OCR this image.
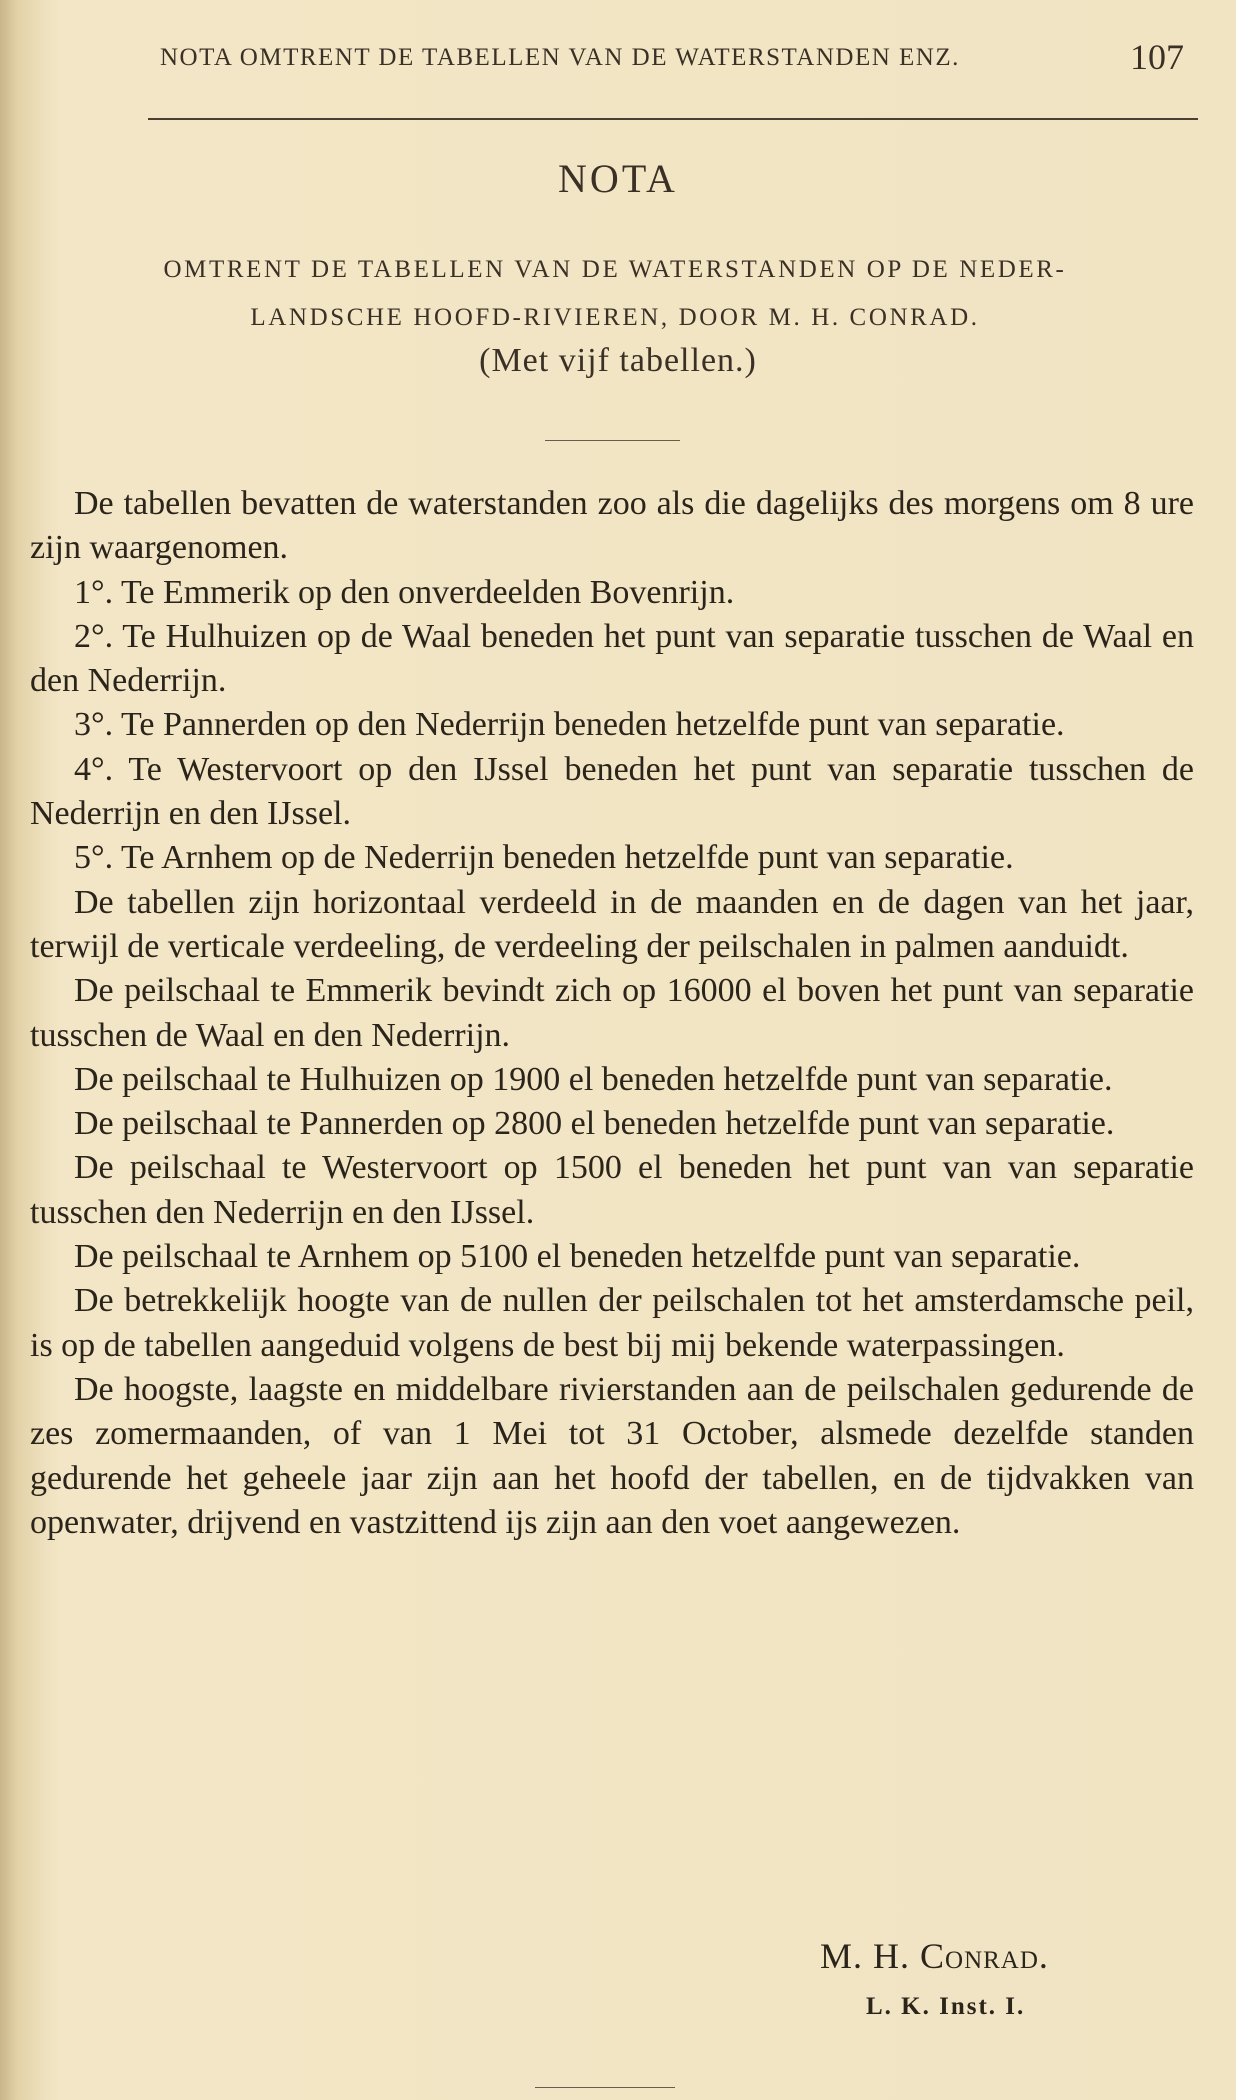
NOTA OMTRENT DE TABELLEN VAN DE WATERSTANDEN ENZ.	107
NOTA
OMTRENT DE TABELLEN VAN DE WATERSTANDEN OP DE NEDER-
LANDSCHE HOOFD-RIVIEREN, DOOR M. H. CONRAD.
(Met vijf tabellen.)

De tabellen bevatten de waterstanden zoo als die dagelijks des morgens om 8 ure zijn waargenomen.

1°. Te Emmerik op den onverdeelden Bovenrijn.

2°. Te Hulhuizen op de Waal beneden het punt van separatie tusschen de Waal en den Nederrijn.

3°. Te Pannerden op den Nederrijn beneden hetzelfde punt van separatie.

4°. Te Westervoort op den IJssel beneden het punt van separatie tusschen de Nederrijn en den IJssel.

5°. Te Arnhem op de Nederrijn beneden hetzelfde punt van separatie.

De tabellen zijn horizontaal verdeeld in de maanden en de dagen van het jaar, terwijl de verticale verdeeling, de verdeeling der peilschalen in palmen aanduidt.

De peilschaal te Emmerik bevindt zich op 16000 el boven het punt van separatie tusschen de Waal en den Nederrijn.

De peilschaal te Hulhuizen op 1900 el beneden hetzelfde punt van separatie.

De peilschaal te Pannerden op 2800 el beneden hetzelfde punt van separatie.

De peilschaal te Westervoort op 1500 el beneden het punt van van separatie tusschen den Nederrijn en den IJssel.

De peilschaal te Arnhem op 5100 el beneden hetzelfde punt van separatie.

De betrekkelijk hoogte van de nullen der peilschalen tot het amsterdamsche peil, is op de tabellen aangeduid volgens de best bij mij bekende waterpassingen.

De hoogste, laagste en middelbare rivierstanden aan de peilschalen gedurende de zes zomermaanden, of van 1 Mei tot 31 October, alsmede dezelfde standen gedurende het geheele jaar zijn aan het hoofd der tabellen, en de tijdvakken van openwater, drijvend en vastzittend ijs zijn aan den voet aangewezen.

M. H. Conrad.
L. K. Inst. I.
